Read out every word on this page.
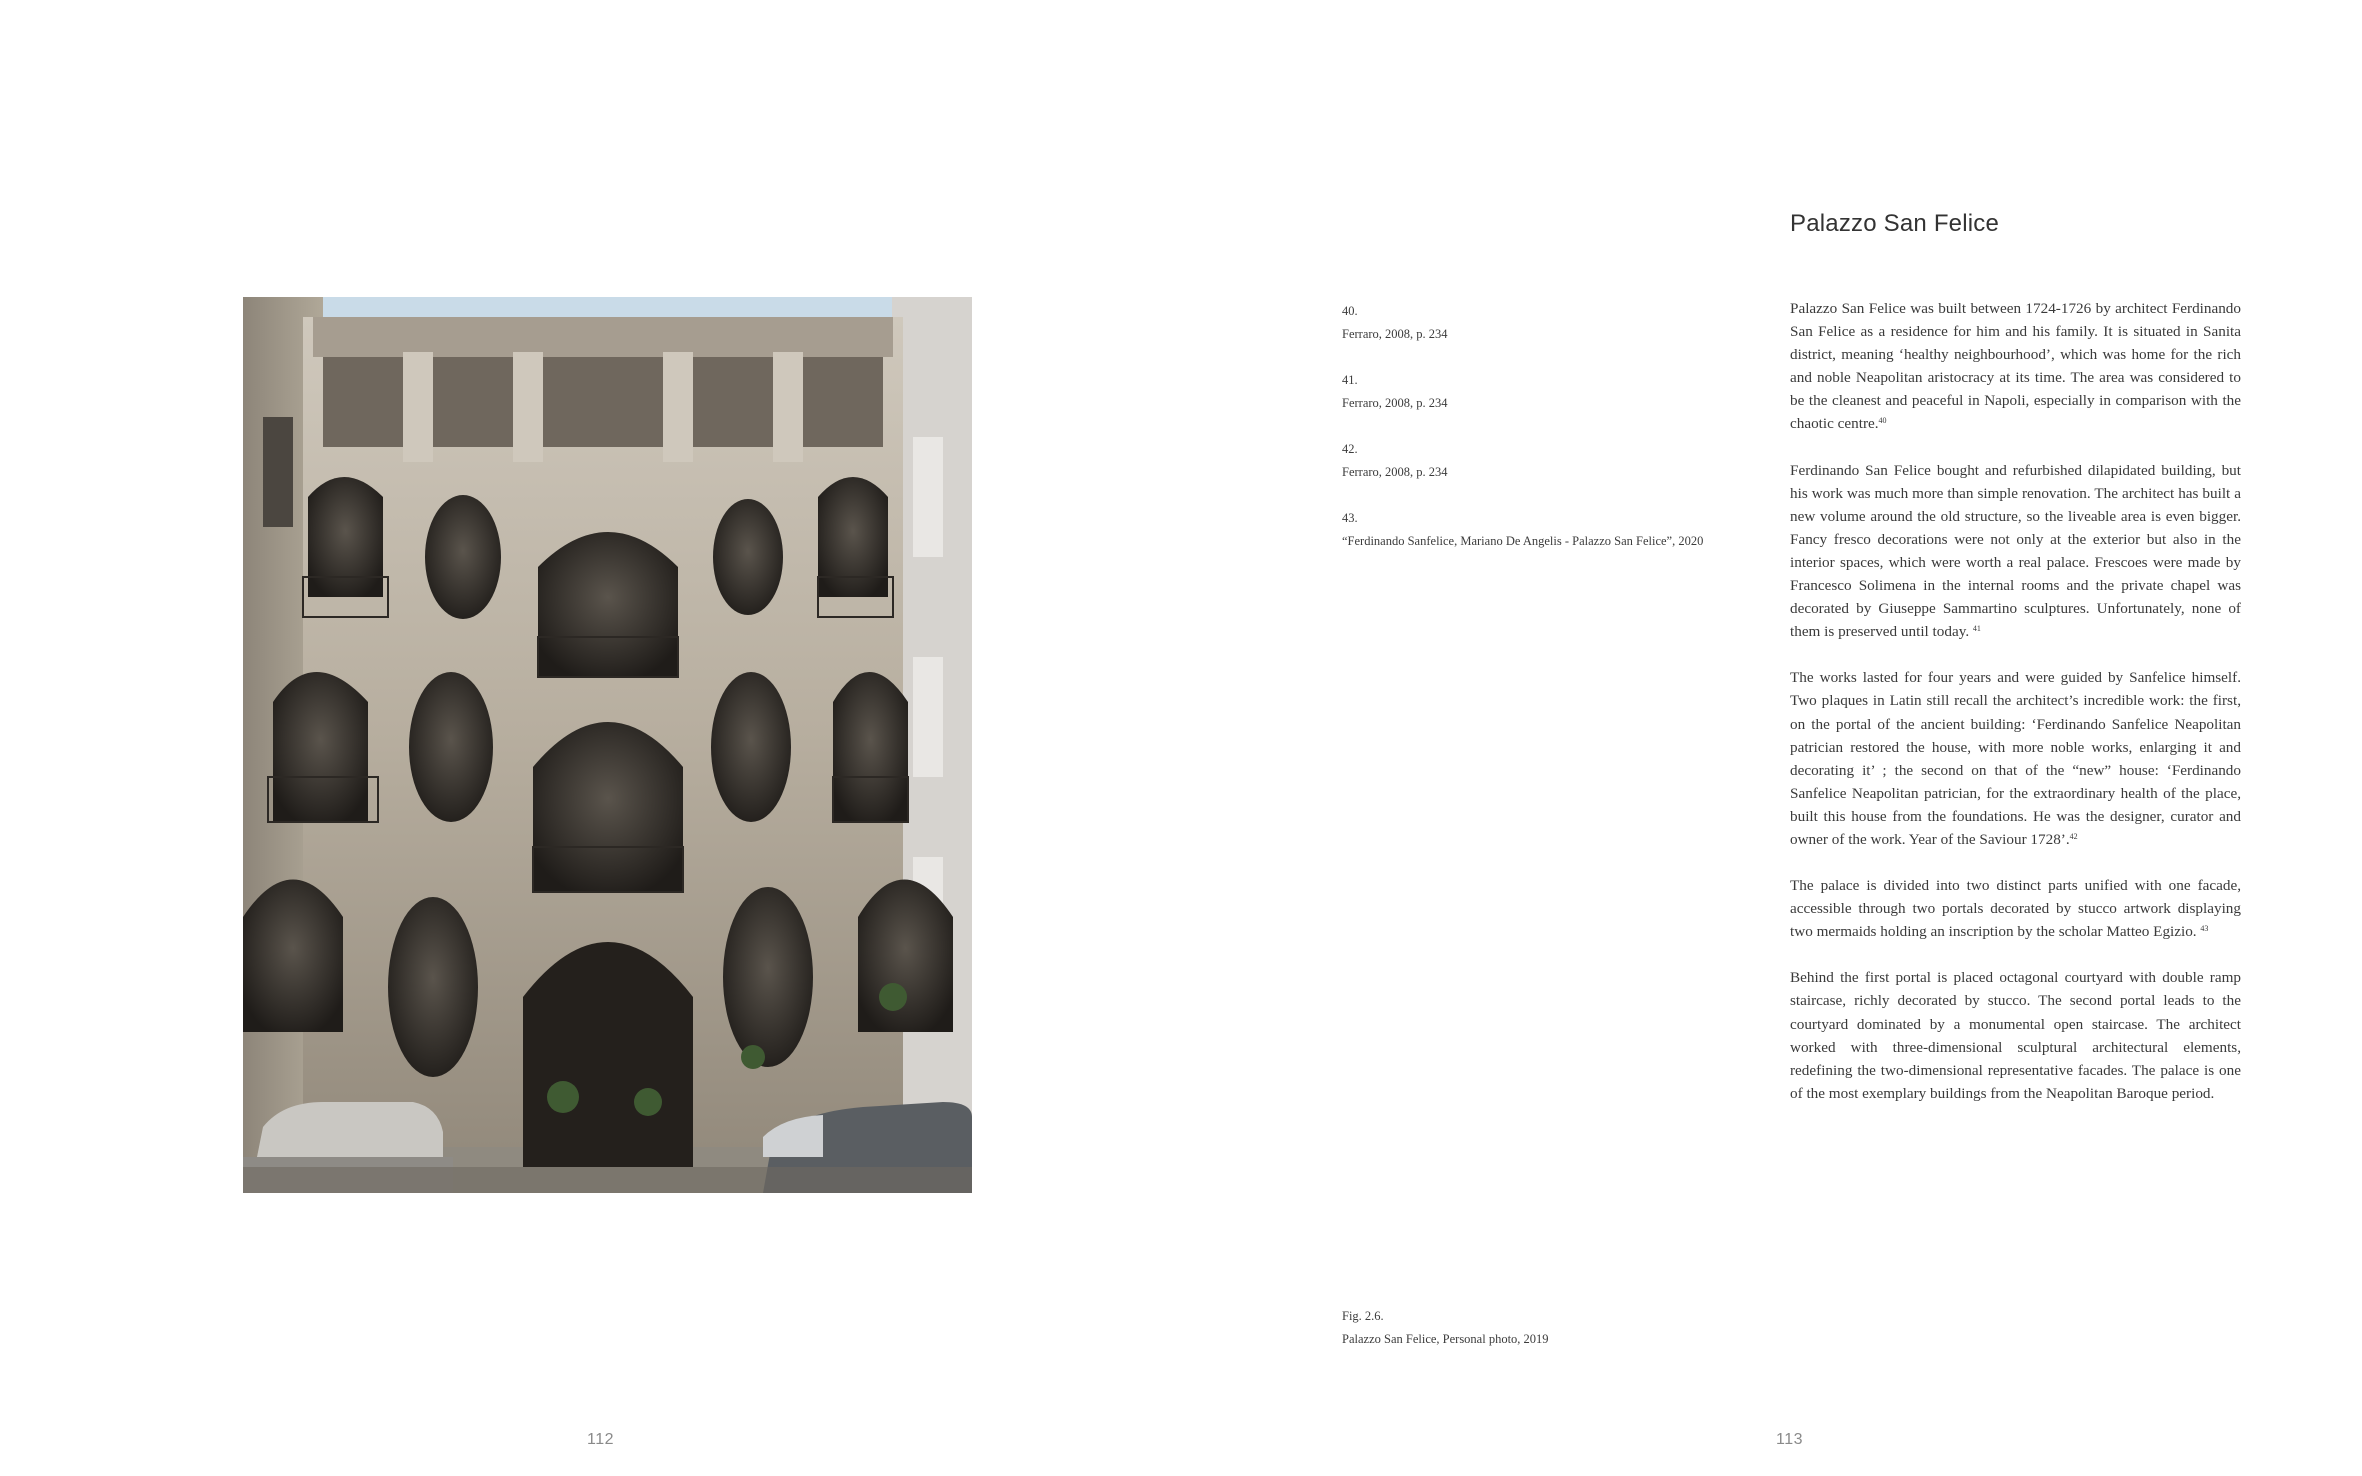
112
40.
Ferraro, 2008, p. 234
41.
Ferraro, 2008, p. 234
42.
Ferraro, 2008, p. 234
43.
“Ferdinando Sanfelice, Mariano De Angelis - Palazzo San Felice”, 2020
Fig. 2.6.
Palazzo San Felice, Personal photo, 2019
Palazzo San Felice

Palazzo San Felice was built between 1724-1726 by architect Ferdinando San Felice as a residence for him and his family. It is situated in Sanita district, meaning ‘healthy neighbourhood’, which was home for the rich and noble Neapolitan aristocracy at its time. The area was considered to be the cleanest and peaceful in Napoli, especially in comparison with the chaotic centre.$^{40}$

Ferdinando San Felice bought and refurbished dilapidated building, but his work was much more than simple renovation. The architect has built a new volume around the old structure, so the liveable area is even bigger. Fancy fresco decorations were not only at the exterior but also in the interior spaces, which were worth a real palace. Frescoes were made by Francesco Solimena in the internal rooms and the private chapel was decorated by Giuseppe Sammartino sculptures. Unfortunately, none of them is preserved until today. $^{41}$

The works lasted for four years and were guided by Sanfelice himself. Two plaques in Latin still recall the architect’s incredible work: the first, on the portal of the ancient building: ‘Ferdinando Sanfelice Neapolitan patrician restored the house, with more noble works, enlarging it and decorating it’ ; the second on that of the “new” house: ‘Ferdinando Sanfelice Neapolitan patrician, for the extraordinary health of the place, built this house from the foundations. He was the designer, curator and owner of the work. Year of the Saviour 1728’.$^{42}$

The palace is divided into two distinct parts unified with one facade, accessible through two portals decorated by stucco artwork displaying two mermaids holding an inscription by the scholar Matteo Egizio. $^{43}$

Behind the first portal is placed octagonal courtyard with double ramp staircase, richly decorated by stucco. The second portal leads to the courtyard dominated by a monumental open staircase. The architect worked with three-dimensional sculptural architectural elements, redefining the two-dimensional representative facades. The palace is one of the most exemplary buildings from the Neapolitan Baroque period.

113
